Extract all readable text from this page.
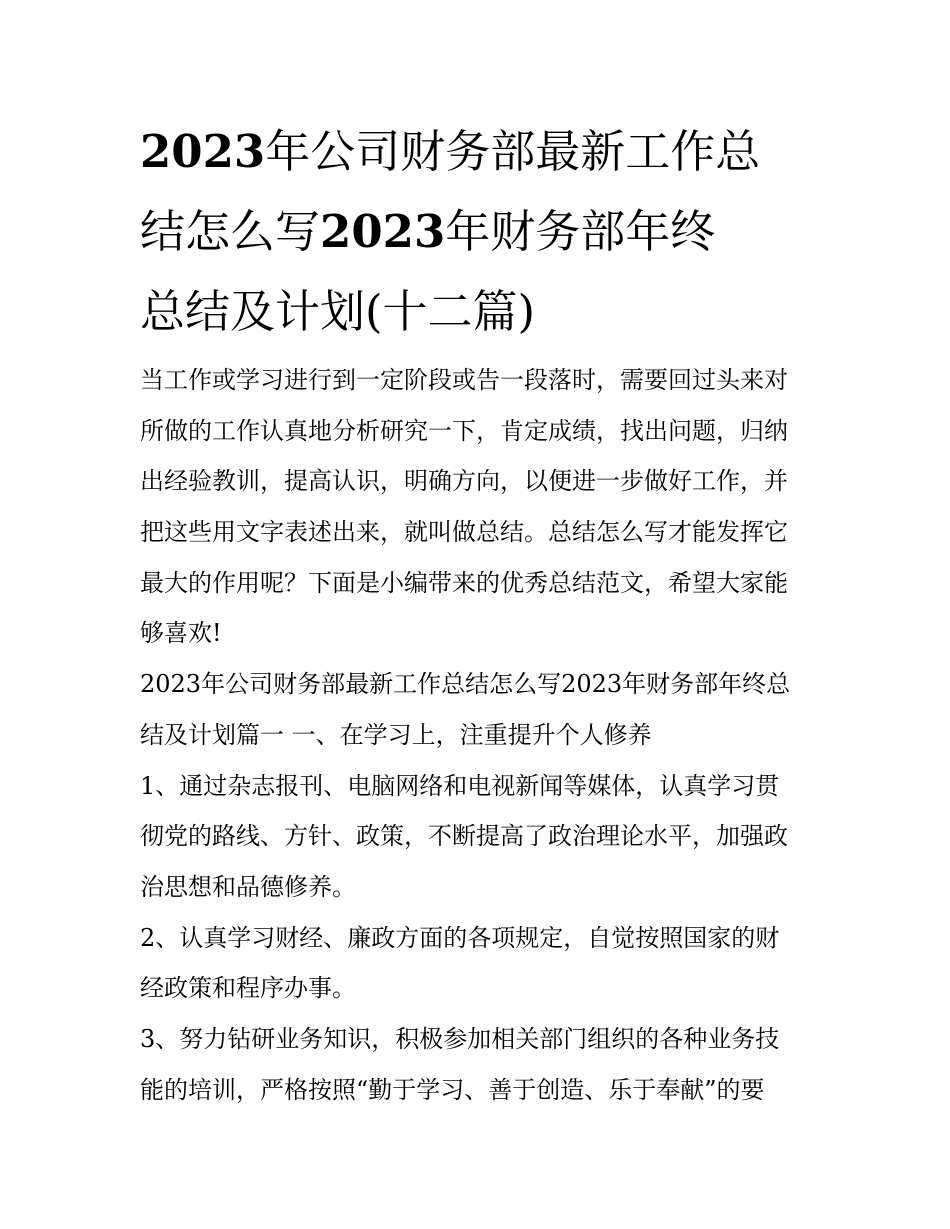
2023年公司财务部最新工作总
结怎么写2023年财务部年终
总结及计划(十二篇)
当工作或学习进行到一定阶段或告一段落时，需要回过头来对
所做的工作认真地分析研究一下，肯定成绩，找出问题，归纳
出经验教训，提高认识，明确方向，以便进一步做好工作，并
把这些用文字表述出来，就叫做总结。总结怎么写才能发挥它
最大的作用呢？下面是小编带来的优秀总结范文，希望大家能
够喜欢!
2023年公司财务部最新工作总结怎么写2023年财务部年终总
结及计划篇一 一、在学习上，注重提升个人修养
1、通过杂志报刊、电脑网络和电视新闻等媒体，认真学习贯
彻党的路线、方针、政策，不断提高了政治理论水平，加强政
治思想和品德修养。
2、认真学习财经、廉政方面的各项规定，自觉按照国家的财
经政策和程序办事。
3、努力钻研业务知识，积极参加相关部门组织的各种业务技
能的培训，严格按照“勤于学习、善于创造、乐于奉献”的要
